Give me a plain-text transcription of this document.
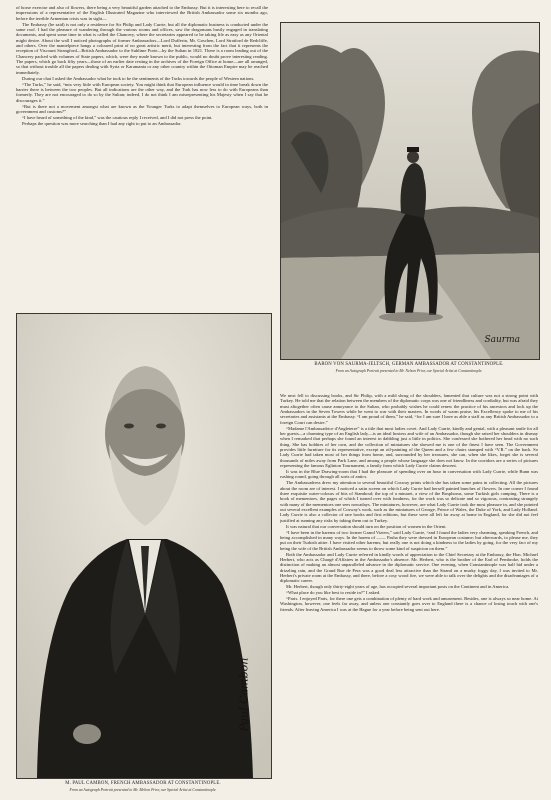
of horse exercise and also of flowers, there being a very beautiful garden attached to the Embassy. But it is interesting here to recall the impressions of a representative of the English Illustrated Magazine who interviewed the British Ambassador some six months ago, before the terrible Armenian crisis was in sight—

The Embassy (he said) is not only a residence for Sir Philip and Lady Currie, but all the diplomatic business is conducted under the same roof. I had the pleasure of wandering through the various rooms and offices, saw the dragomans busily engaged in translating documents, and spent some time in what is called the Chancery, where the secretaries appeared to be taking life as easy as any Oriental might desire. About the wall I noticed photographs of former Ambassadors—Lord Dufferin, Mr. Goschen, Lord Stratford de Redcliffe, and others. Over the mantelpiece hangs a coloured print of no great artistic merit, but interesting from the fact that it represents the reception of Viscount Strangford—British Ambassador to the Sublime Porte—by the Sultan in 1821. There is a room leading out of the Chancery packed with volumes of State papers, which, were they made known to the public, would no doubt prove interesting reading. The papers, which go back fifty years—those of an earlier date resting in the archives of the Foreign Office at home—are all arranged, so that without trouble all the papers dealing with Syria or Karamania or any other country within the Ottoman Empire may be reached immediately.

During our chat I asked the Ambassador what he took to be the sentiments of the Turks towards the people of Western nations.

“The Turks,” he said, “mix very little with European society. You might think that European influence would in time break down the barrier there is between the two peoples. But all indications are the other way, and the Turk has now less to do with Europeans than formerly. They are not encouraged to do so by the Sultan; indeed, I do not think I am misrepresenting his Majesty when I say that he discourages it.”

“But is there not a movement amongst what are known as the Younger Turks to adapt themselves to European ways, both in government and customs?”

“I have heard of something of the kind,” was the cautious reply I received, and I did not press the point.

Perhaps the question was more searching than I had any right to put to an Ambassador.

Saurma
BARON VON SAURMA-JELTSCH, GERMAN AMBASSADOR AT CONSTANTINOPLE.
From an Autograph Portrait presented to Mr. Nelson Prior, our Special Artist at Constantinople.
Paul Cambon
M. PAUL CAMBON, FRENCH AMBASSADOR AT CONSTANTINOPLE.
From an Autograph Portrait presented to Mr. Melton Prior, our Special Artist at Constantinople.

We next fell to discussing books, and Sir Philip, with a mild shrug of the shoulders, lamented that culture was not a strong point with Turkey. He told me that the relation between the members of the diplomatic corps was one of friendliness and cordiality, but was afraid they must altogether often cause annoyance to the Sultan, who probably wishes he could renew the practice of his ancestors and lock up the Ambassadors in the Seven Towers while he went to war with their masters. In words of warm praise, his Excellency spoke to me of his secretaries and assistants at the Embassy. “I am proud of them,” he said, “for I am sure I have as able a staff as any British Ambassador to a foreign Court can desire.”

“Madame l'Ambassadrice d'Angleterre” is a title that most ladies covet. And Lady Currie, kindly and genial, with a pleasant smile for all her guests—a charming type of an English lady—is an ideal hostess and wife of an Ambassador, though she raised her shoulders in dismay when I remarked that perhaps she found an interest in dabbling just a little in politics. She confessed she bothered her head with no such thing. She has hobbies of her own, and the collection of miniatures she showed me is one of the finest I have seen. The Government provides little furniture for its representative, except an oil-painting of the Queen and a few chairs stamped with “V.R.” on the back. So Lady Currie had taken most of her things from home, and, surrounded by her treasures, she can, when she likes, forget she is several thousands of miles away from Park Lane, and among a people whose language she does not know. In the corridors are a series of pictures representing the famous Eglinton Tournament, a family from which Lady Currie claims descent.

It was in the Blue Drawing-room that I had the pleasure of spending over an hour in conversation with Lady Currie, while Bunn was rushing round, going through all sorts of antics.

The Ambassadress drew my attention to several beautiful Cosway prints which she has taken some pains in collecting. All the pictures about the room are of interest. I noticed a satin screen on which Lady Currie had herself painted bunches of flowers. In one corner I found three exquisite water-colours of bits of Stamboul; the top of a minaret, a view of the Bosphorus, some Turkish girls camping. There is a book of mementoes, the pages of which I turned over with fondness, for the work was so delicate and so vigorous, contrasting strangely with many of the mementoes one sees nowadays. The miniatures, however, are what Lady Currie took the most pleasure in, and she pointed out several excellent examples of Cosway's work, such as the miniatures of George, Prince of Wales, the Duke of York, and Lady Holland. Lady Currie is also a collector of rare books and first editions, but these were all left far away at home in England, for she did not feel justified at running any risks by taking them out to Turkey.

It was natural that our conversation should turn on the position of women in the Orient.

“I have been in the harems of two former Grand Viziers,” said Lady Currie, “and I found the ladies very charming, speaking French, and being accomplished in many ways. In the harem of —— Pasha they were dressed in European costume; but afterwards, to please me, they put on their Turkish attire. I have visited other harems; but really one is not doing a kindness to the ladies by going, for the very fact of my being the wife of the British Ambassador seems to throw some kind of suspicion on them.”

Both the Ambassador and Lady Currie referred in kindly words of appreciation to the Chief Secretary at the Embassy, the Hon. Michael Herbert, who acts as Chargé d'Affaires in the Ambassador's absence. Mr. Herbert, who is the brother of the Earl of Pembroke, holds the distinction of making an almost unparalleled advance in the diplomatic service. One evening, when Constantinople was half hid under a drizzling rain, and the Grand Rue de Pera was a good deal less attractive than the Strand on a murky foggy day, I was invited to Mr. Herbert's private room at the Embassy, and there, before a cosy wood fire, we were able to talk over the delights and the disadvantages of a diplomatic career.

Mr. Herbert, though only thirty-eight years of age, has occupied several important posts on the Continent and in America.

“What place do you like best to reside in?” I asked.

“Paris. I enjoyed Paris, for there one gets a combination of plenty of hard work and amusement. Besides, one is always so near home. At Washington, however, one feels far away, and unless one constantly goes over to England there is a chance of losing touch with one's friends. After leaving America I was at the Hague for a year before being sent out here.
